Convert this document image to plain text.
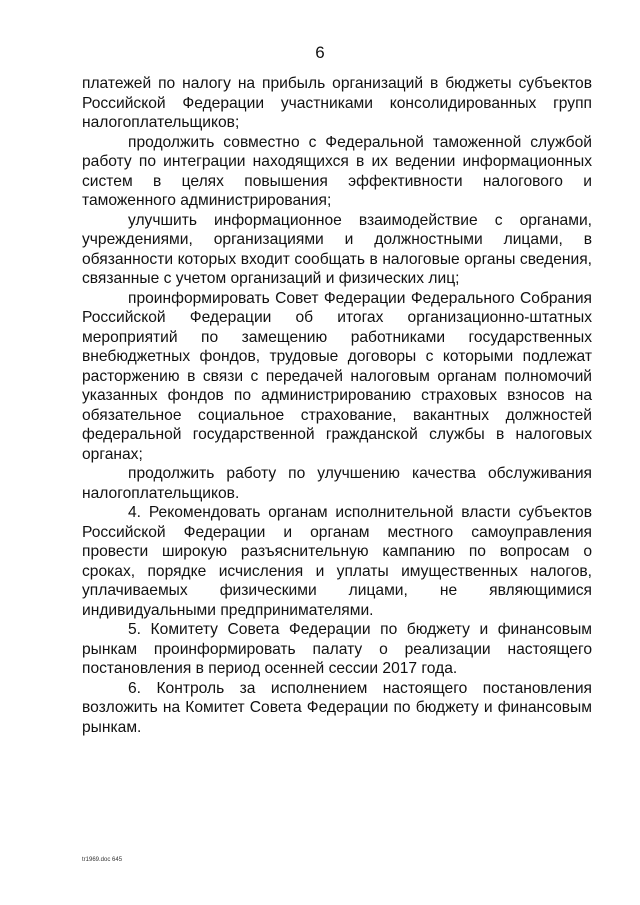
6

платежей по налогу на прибыль организаций в бюджеты субъектов Российской Федерации участниками консолидированных групп налогоплательщиков;

продолжить совместно с Федеральной таможенной службой работу по интеграции находящихся в их ведении информационных систем в целях повышения эффективности налогового и таможенного администрирования;

улучшить информационное взаимодействие с органами, учреждениями, организациями и должностными лицами, в обязанности которых входит сообщать в налоговые органы сведения, связанные с учетом организаций и физических лиц;

проинформировать Совет Федерации Федерального Собрания Российской Федерации об итогах организационно-штатных мероприятий по замещению работниками государственных внебюджетных фондов, трудовые договоры с которыми подлежат расторжению в связи с передачей налоговым органам полномочий указанных фондов по администрированию страховых взносов на обязательное социальное страхование, вакантных должностей федеральной государственной гражданской службы в налоговых органах;

продолжить работу по улучшению качества обслуживания налогоплательщиков.

4. Рекомендовать органам исполнительной власти субъектов Российской Федерации и органам местного самоуправления провести широкую разъяснительную кампанию по вопросам о сроках, порядке исчисления и уплаты имущественных налогов, уплачиваемых физическими лицами, не являющимися индивидуальными предпринимателями.

5. Комитету Совета Федерации по бюджету и финансовым рынкам проинформировать палату о реализации настоящего постановления в период осенней сессии 2017 года.

6. Контроль за исполнением настоящего постановления возложить на Комитет Совета Федерации по бюджету и финансовым рынкам.

tr1969.doc 645
